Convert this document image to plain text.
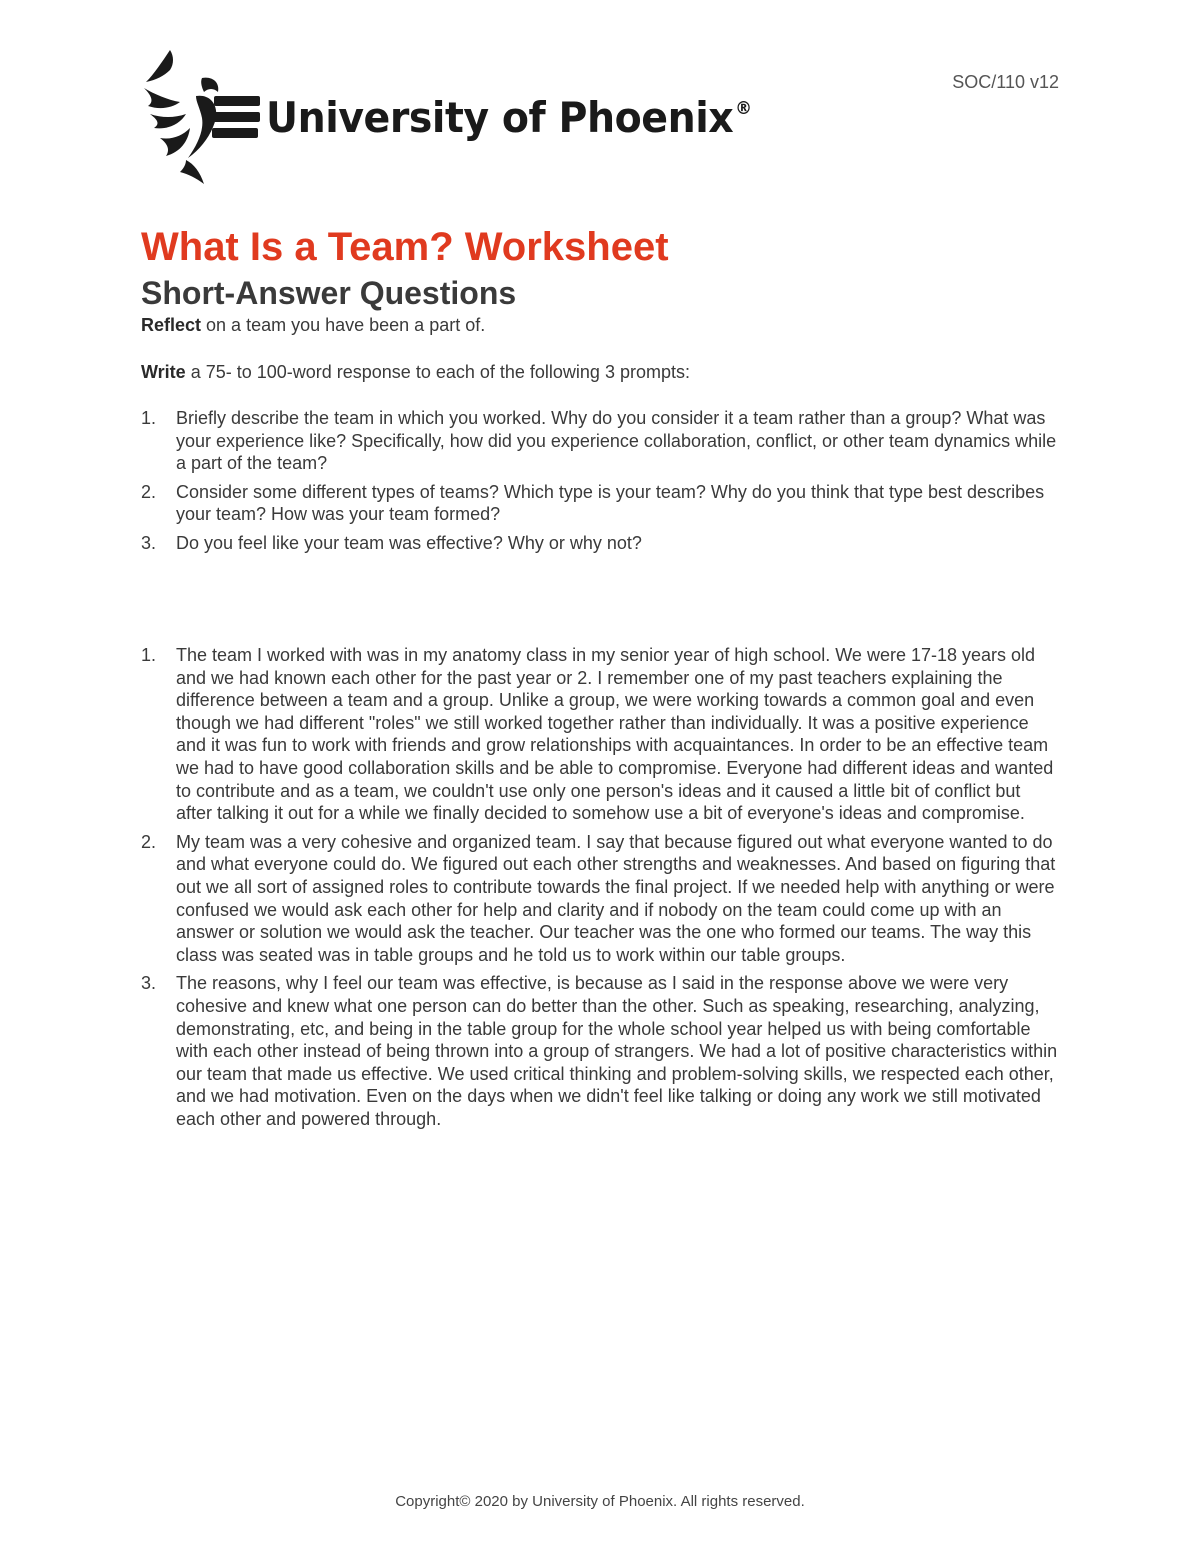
SOC/110 v12
University of Phoenix ®
What Is a Team? Worksheet
Short-Answer Questions

Reflect on a team you have been a part of.

Write a 75- to 100-word response to each of the following 3 prompts:

1. Briefly describe the team in which you worked. Why do you consider it a team rather than a group? What was your experience like? Specifically, how did you experience collaboration, conflict, or other team dynamics while a part of the team?
2. Consider some different types of teams? Which type is your team? Why do you think that type best describes your team? How was your team formed?
3. Do you feel like your team was effective? Why or why not?
1. The team I worked with was in my anatomy class in my senior year of high school. We were 17-18 years old and we had known each other for the past year or 2. I remember one of my past teachers explaining the difference between a team and a group. Unlike a group, we were working towards a common goal and even though we had different "roles" we still worked together rather than individually. It was a positive experience and it was fun to work with friends and grow relationships with acquaintances. In order to be an effective team we had to have good collaboration skills and be able to compromise. Everyone had different ideas and wanted to contribute and as a team, we couldn't use only one person's ideas and it caused a little bit of conflict but after talking it out for a while we finally decided to somehow use a bit of everyone's ideas and compromise.
2. My team was a very cohesive and organized team. I say that because figured out what everyone wanted to do and what everyone could do. We figured out each other strengths and weaknesses. And based on figuring that out we all sort of assigned roles to contribute towards the final project. If we needed help with anything or were confused we would ask each other for help and clarity and if nobody on the team could come up with an answer or solution we would ask the teacher. Our teacher was the one who formed our teams. The way this class was seated was in table groups and he told us to work within our table groups.
3. The reasons, why I feel our team was effective, is because as I said in the response above we were very cohesive and knew what one person can do better than the other. Such as speaking, researching, analyzing, demonstrating, etc, and being in the table group for the whole school year helped us with being comfortable with each other instead of being thrown into a group of strangers. We had a lot of positive characteristics within our team that made us effective. We used critical thinking and problem-solving skills, we respected each other, and we had motivation. Even on the days when we didn't feel like talking or doing any work we still motivated each other and powered through.
Copyright© 2020 by University of Phoenix. All rights reserved.
